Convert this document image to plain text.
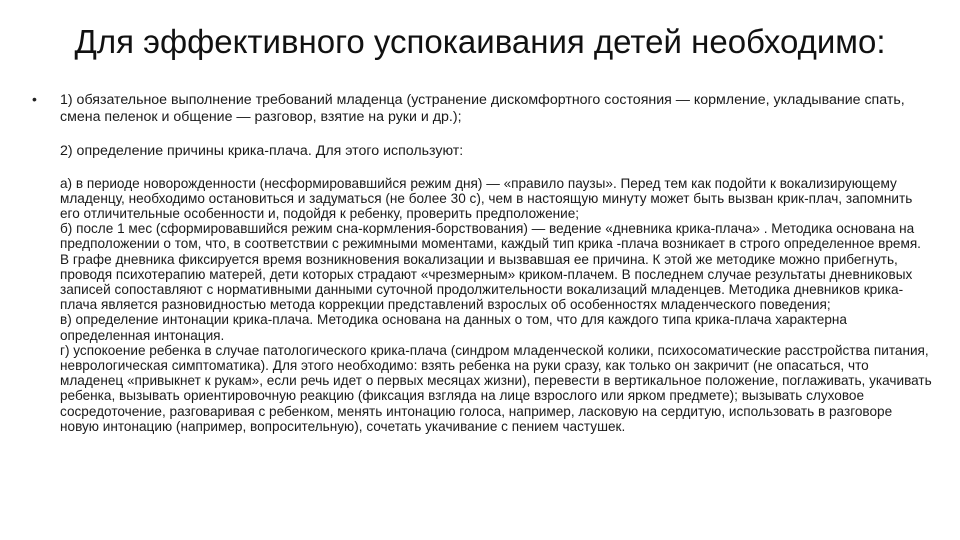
Для эффективного успокаивания детей необходимо:
• 1) обязательное выполнение требований младенца (устранение дискомфортного состояния — кормление, укладывание спать, смена пеленок и общение — разговор, взятие на руки и др.);

2) определение причины крика-плача. Для этого используют:

а) в периоде новорожденности (несформировавшийся режим дня) — «правило паузы». Перед тем как подойти к вокализирующему младенцу, необходимо остановиться и задуматься (не более 30 с), чем в настоящую минуту может быть вызван крик-плач, запомнить его отличительные особенности и, подойдя к ребенку, проверить предположение;

б) после 1 мес (сформировавшийся режим сна-кормления-борствования) — ведение «дневника крика-плача» . Методика основана на предположении о том, что, в соответствии с режимными моментами, каждый тип крика -плача возникает в строго определенное время. В графе дневника фиксируется время возникновения вокализации и вызвавшая ее причина. К этой же методике можно прибегнуть, проводя психотерапию матерей, дети которых страдают «чрезмерным» криком-плачем. В последнем случае результаты дневниковых записей сопоставляют с нормативными данными суточной продолжительности вокализаций младенцев. Методика дневников крика-плача является разновидностью метода коррекции представлений взрослых об особенностях младенческого поведения;

в) определение интонации крика-плача. Методика основана на данных о том, что для каждого типа крика-плача характерна определенная интонация.

г) успокоение ребенка в случае патологического крика-плача (синдром младенческой колики, психосоматические расстройства питания, неврологическая симптоматика). Для этого необходимо: взять ребенка на руки сразу, как только он закричит (не опасаться, что младенец «привыкнет к рукам», если речь идет о первых месяцах жизни), перевести в вертикальное положение, поглаживать, укачивать ребенка, вызывать ориентировочную реакцию (фиксация взгляда на лице взрослого или ярком предмете); вызывать слуховое сосредоточение, разговаривая с ребенком, менять интонацию голоса, например, ласковую на сердитую, использовать в разговоре новую интонацию (например, вопросительную), сочетать укачивание с пением частушек.
